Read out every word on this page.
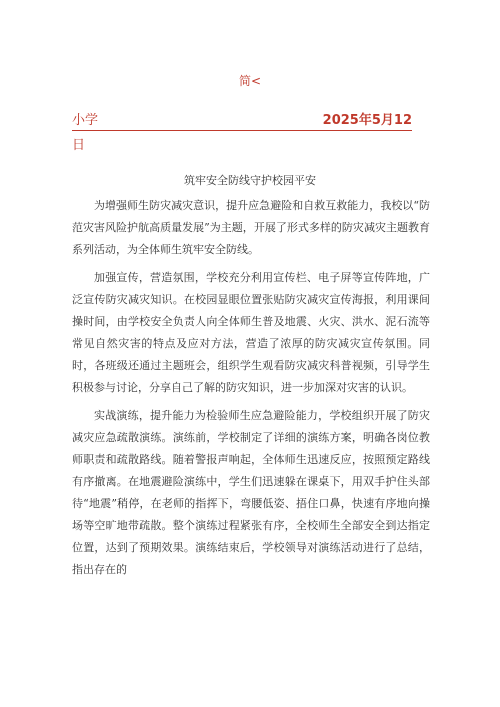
简<
小学	2025年5月12
日
筑牢安全防线守护校园平安

为增强师生防灾减灾意识，提升应急避险和自救互救能力，我校以“防范灾害风险护航高质量发展”为主题，开展了形式多样的防灾减灾主题教育系列活动，为全体师生筑牢安全防线。

加强宣传，营造氛围，学校充分利用宣传栏、电子屏等宣传阵地，广泛宣传防灾减灾知识。在校园显眼位置张贴防灾减灾宣传海报，利用课间操时间，由学校安全负责人向全体师生普及地震、火灾、洪水、泥石流等常见自然灾害的特点及应对方法，营造了浓厚的防灾减灾宣传氛围。同时，各班级还通过主题班会，组织学生观看防灾减灾科普视频，引导学生积极参与讨论，分享自己了解的防灾知识，进一步加深对灾害的认识。

实战演练，提升能力为检验师生应急避险能力，学校组织开展了防灾减灾应急疏散演练。演练前，学校制定了详细的演练方案，明确各岗位教师职责和疏散路线。随着警报声响起，全体师生迅速反应，按照预定路线有序撤离。在地震避险演练中，学生们迅速躲在课桌下，用双手护住头部 待“地震”稍停，在老师的指挥下，弯腰低姿、捂住口鼻，快速有序地向操场等空旷地带疏散。整个演练过程紧张有序，全校师生全部安全到达指定位置，达到了预期效果。演练结束后，学校领导对演练活动进行了总结，指出存在的
